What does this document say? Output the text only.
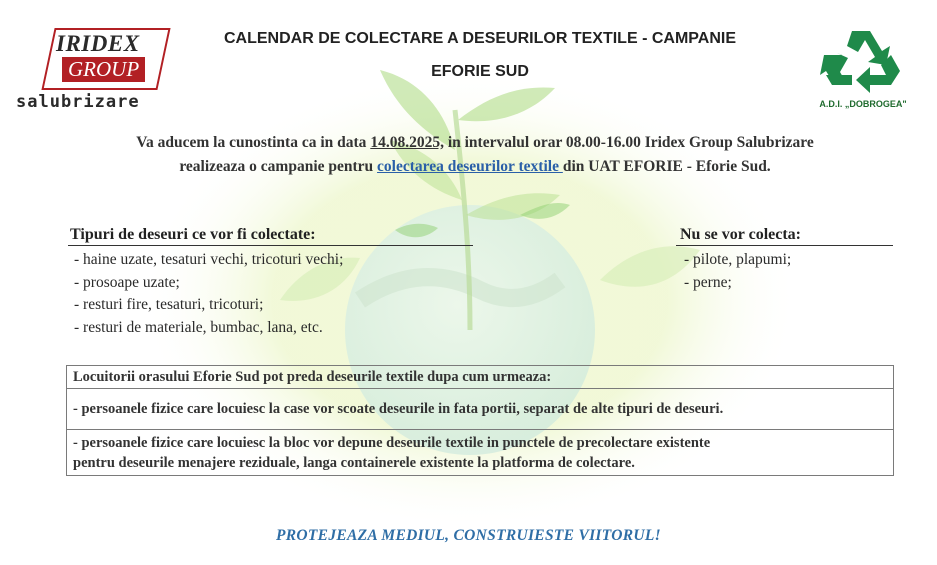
IRIDEX
GROUP
salubrizare
CALENDAR DE COLECTARE A DESEURILOR TEXTILE - CAMPANIE
EFORIE SUD
A.D.I. „DOBROGEA"
Va aducem la cunostinta ca in data 14.08.2025, in intervalul orar 08.00-16.00 Iridex Group Salubrizare
realizeaza o campanie pentru colectarea deseurilor textile din UAT EFORIE - Eforie Sud.
Tipuri de deseuri ce vor fi colectate:
- haine uzate, tesaturi vechi, tricoturi vechi;
- prosoape uzate;
- resturi fire, tesaturi, tricoturi;
- resturi de materiale, bumbac, lana, etc.
Nu se vor colecta:
- pilote, plapumi;
- perne;
Locuitorii orasului Eforie Sud pot preda deseurile textile dupa cum urmeaza:
- persoanele fizice care locuiesc la case vor scoate deseurile in fata portii, separat de alte tipuri de deseuri.
- persoanele fizice care locuiesc la bloc vor depune deseurile textile in punctele de precolectare existente
pentru deseurile menajere reziduale, langa containerele existente la platforma de colectare.
PROTEJEAZA MEDIUL, CONSTRUIESTE VIITORUL!
